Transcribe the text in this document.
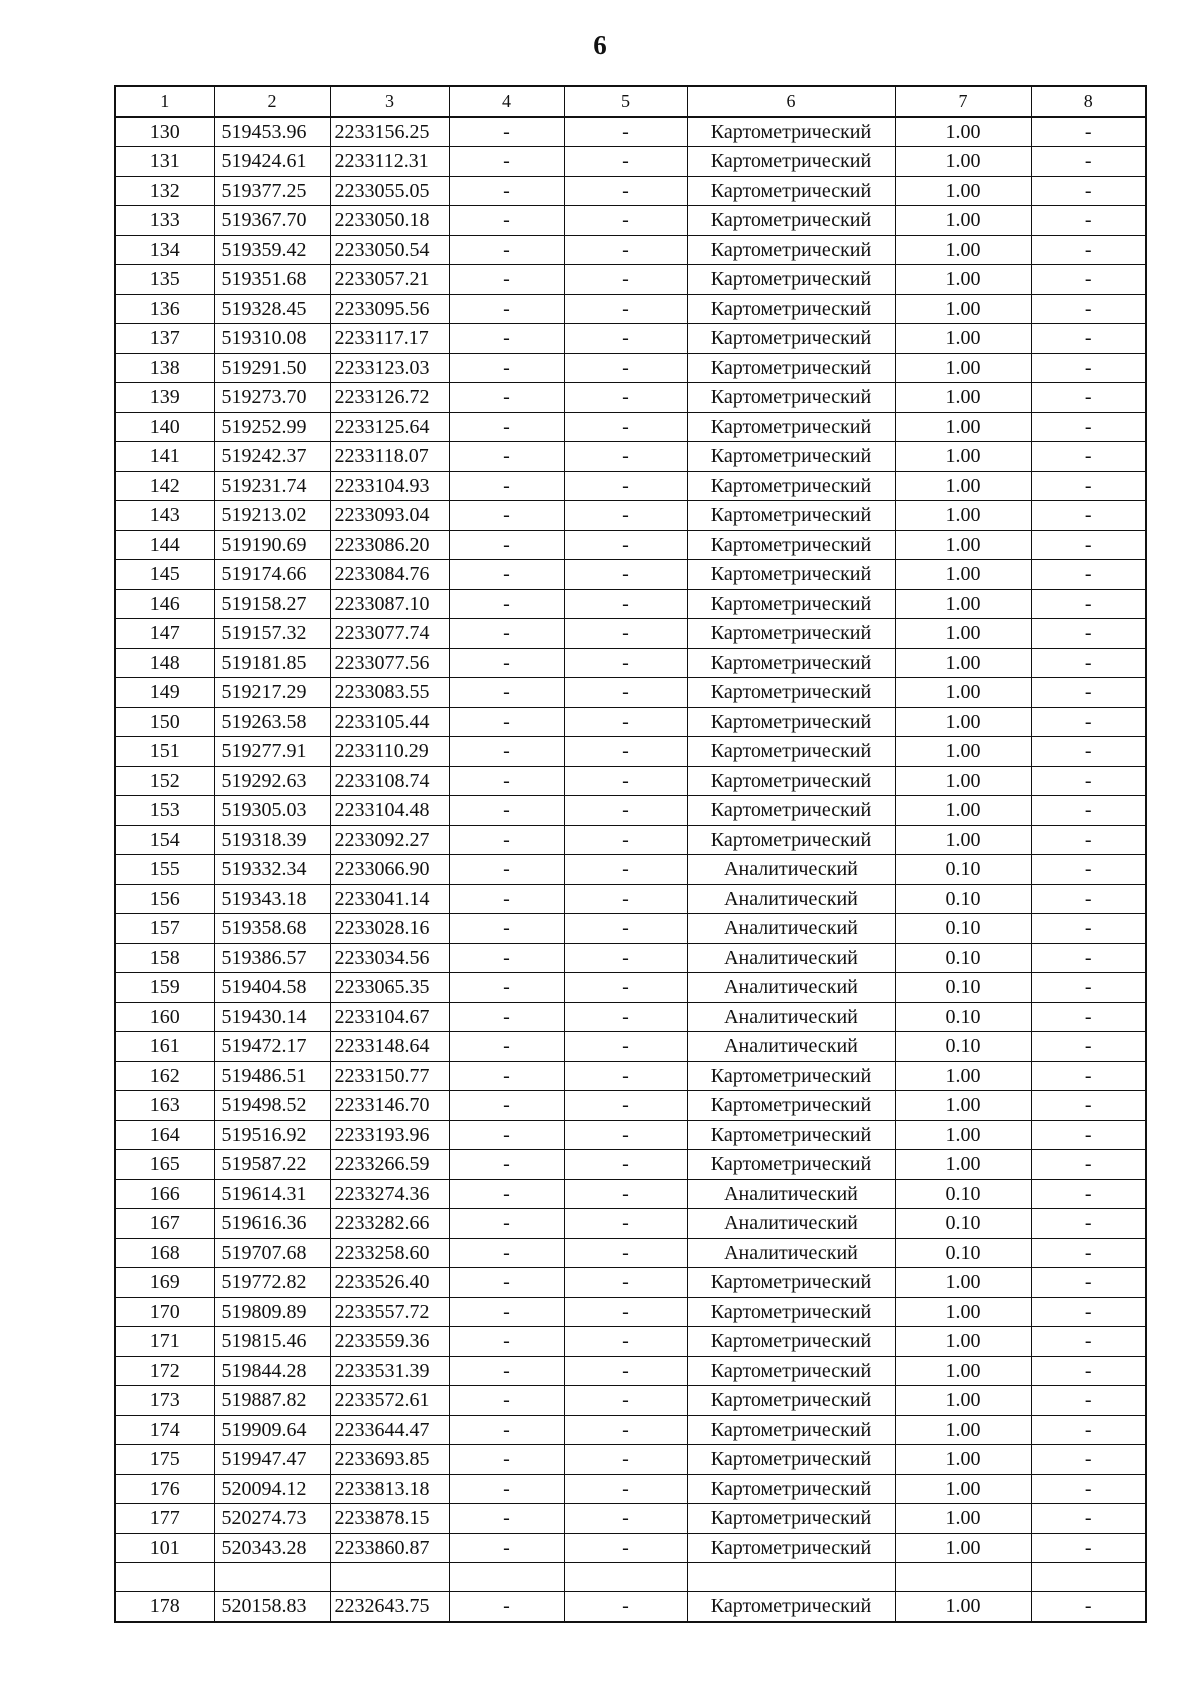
6
1	2	3	4	5	6	7	8
130	519453.96	2233156.25	-	-	Картометрический	1.00	-
131	519424.61	2233112.31	-	-	Картометрический	1.00	-
132	519377.25	2233055.05	-	-	Картометрический	1.00	-
133	519367.70	2233050.18	-	-	Картометрический	1.00	-
134	519359.42	2233050.54	-	-	Картометрический	1.00	-
135	519351.68	2233057.21	-	-	Картометрический	1.00	-
136	519328.45	2233095.56	-	-	Картометрический	1.00	-
137	519310.08	2233117.17	-	-	Картометрический	1.00	-
138	519291.50	2233123.03	-	-	Картометрический	1.00	-
139	519273.70	2233126.72	-	-	Картометрический	1.00	-
140	519252.99	2233125.64	-	-	Картометрический	1.00	-
141	519242.37	2233118.07	-	-	Картометрический	1.00	-
142	519231.74	2233104.93	-	-	Картометрический	1.00	-
143	519213.02	2233093.04	-	-	Картометрический	1.00	-
144	519190.69	2233086.20	-	-	Картометрический	1.00	-
145	519174.66	2233084.76	-	-	Картометрический	1.00	-
146	519158.27	2233087.10	-	-	Картометрический	1.00	-
147	519157.32	2233077.74	-	-	Картометрический	1.00	-
148	519181.85	2233077.56	-	-	Картометрический	1.00	-
149	519217.29	2233083.55	-	-	Картометрический	1.00	-
150	519263.58	2233105.44	-	-	Картометрический	1.00	-
151	519277.91	2233110.29	-	-	Картометрический	1.00	-
152	519292.63	2233108.74	-	-	Картометрический	1.00	-
153	519305.03	2233104.48	-	-	Картометрический	1.00	-
154	519318.39	2233092.27	-	-	Картометрический	1.00	-
155	519332.34	2233066.90	-	-	Аналитический	0.10	-
156	519343.18	2233041.14	-	-	Аналитический	0.10	-
157	519358.68	2233028.16	-	-	Аналитический	0.10	-
158	519386.57	2233034.56	-	-	Аналитический	0.10	-
159	519404.58	2233065.35	-	-	Аналитический	0.10	-
160	519430.14	2233104.67	-	-	Аналитический	0.10	-
161	519472.17	2233148.64	-	-	Аналитический	0.10	-
162	519486.51	2233150.77	-	-	Картометрический	1.00	-
163	519498.52	2233146.70	-	-	Картометрический	1.00	-
164	519516.92	2233193.96	-	-	Картометрический	1.00	-
165	519587.22	2233266.59	-	-	Картометрический	1.00	-
166	519614.31	2233274.36	-	-	Аналитический	0.10	-
167	519616.36	2233282.66	-	-	Аналитический	0.10	-
168	519707.68	2233258.60	-	-	Аналитический	0.10	-
169	519772.82	2233526.40	-	-	Картометрический	1.00	-
170	519809.89	2233557.72	-	-	Картометрический	1.00	-
171	519815.46	2233559.36	-	-	Картометрический	1.00	-
172	519844.28	2233531.39	-	-	Картометрический	1.00	-
173	519887.82	2233572.61	-	-	Картометрический	1.00	-
174	519909.64	2233644.47	-	-	Картометрический	1.00	-
175	519947.47	2233693.85	-	-	Картометрический	1.00	-
176	520094.12	2233813.18	-	-	Картометрический	1.00	-
177	520274.73	2233878.15	-	-	Картометрический	1.00	-
101	520343.28	2233860.87	-	-	Картометрический	1.00	-

178	520158.83	2232643.75	-	-	Картометрический	1.00	-
